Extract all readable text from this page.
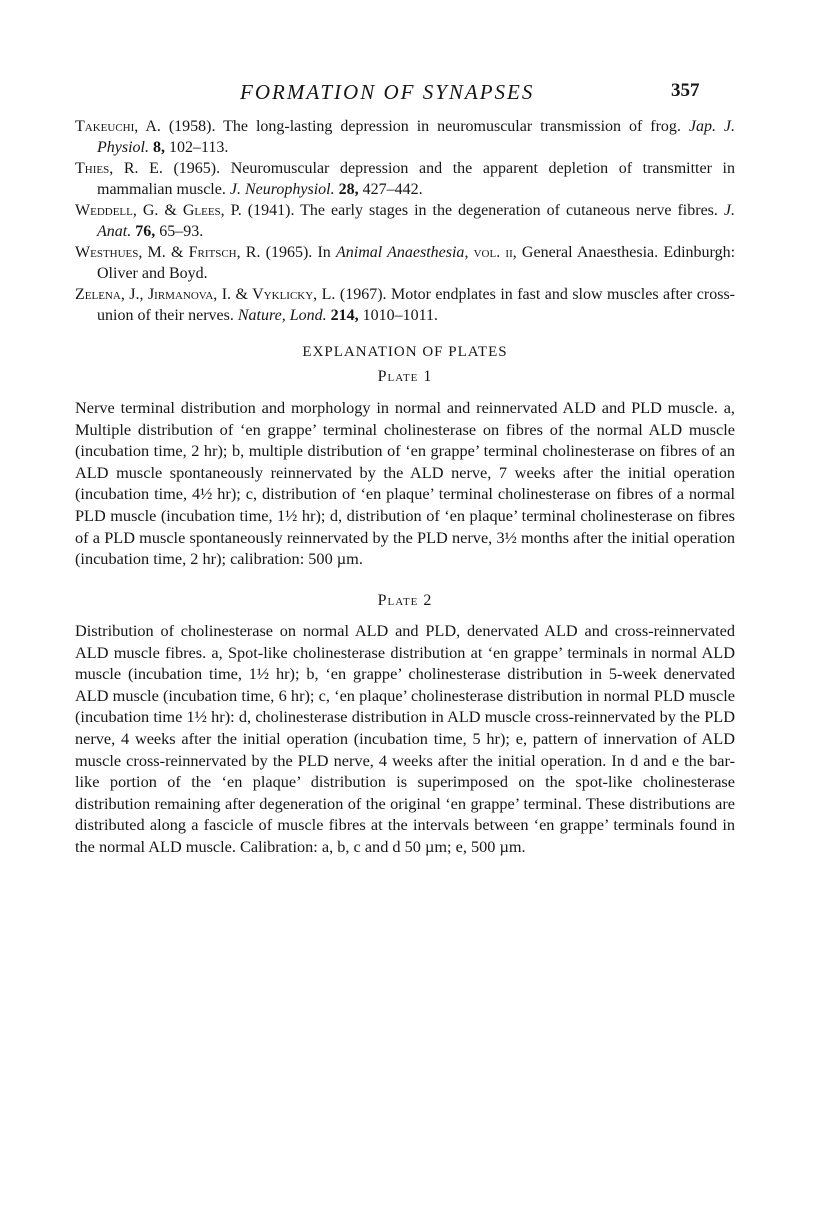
FORMATION OF SYNAPSES	357

Takeuchi, A. (1958). The long-lasting depression in neuromuscular transmission of frog. Jap. J. Physiol. 8, 102–113.

Thies, R. E. (1965). Neuromuscular depression and the apparent depletion of transmitter in mammalian muscle. J. Neurophysiol. 28, 427–442.

Weddell, G. & Glees, P. (1941). The early stages in the degeneration of cutaneous nerve fibres. J. Anat. 76, 65–93.

Westhues, M. & Fritsch, R. (1965). In Animal Anaesthesia, vol. ii, General Anaesthesia. Edinburgh: Oliver and Boyd.

Zelena, J., Jirmanova, I. & Vyklicky, L. (1967). Motor endplates in fast and slow muscles after cross-union of their nerves. Nature, Lond. 214, 1010–1011.

EXPLANATION OF PLATES
Plate 1
Nerve terminal distribution and morphology in normal and reinnervated ALD and PLD muscle. a, Multiple distribution of ‘en grappe’ terminal cholinesterase on fibres of the normal ALD muscle (incubation time, 2 hr); b, multiple distribution of ‘en grappe’ terminal cholinesterase on fibres of an ALD muscle spontaneously reinnervated by the ALD nerve, 7 weeks after the initial operation (incubation time, 4½ hr); c, distribution of ‘en plaque’ terminal cholinesterase on fibres of a normal PLD muscle (incubation time, 1½ hr); d, distribution of ‘en plaque’ terminal cholinesterase on fibres of a PLD muscle spontaneously reinnervated by the PLD nerve, 3½ months after the initial operation (incubation time, 2 hr); calibration: 500 µm.
Plate 2
Distribution of cholinesterase on normal ALD and PLD, denervated ALD and cross-reinnervated ALD muscle fibres. a, Spot-like cholinesterase distribution at ‘en grappe’ terminals in normal ALD muscle (incubation time, 1½ hr); b, ‘en grappe’ cholinesterase distribution in 5-week denervated ALD muscle (incubation time, 6 hr); c, ‘en plaque’ cholinesterase distribution in normal PLD muscle (incubation time 1½ hr): d, cholinesterase distribution in ALD muscle cross-reinnervated by the PLD nerve, 4 weeks after the initial operation (incubation time, 5 hr); e, pattern of innervation of ALD muscle cross-reinnervated by the PLD nerve, 4 weeks after the initial operation. In d and e the bar-like portion of the ‘en plaque’ distribution is superimposed on the spot-like cholinesterase distribution remaining after degeneration of the original ‘en grappe’ terminal. These distributions are distributed along a fascicle of muscle fibres at the intervals between ‘en grappe’ terminals found in the normal ALD muscle. Calibration: a, b, c and d 50 µm; e, 500 µm.
